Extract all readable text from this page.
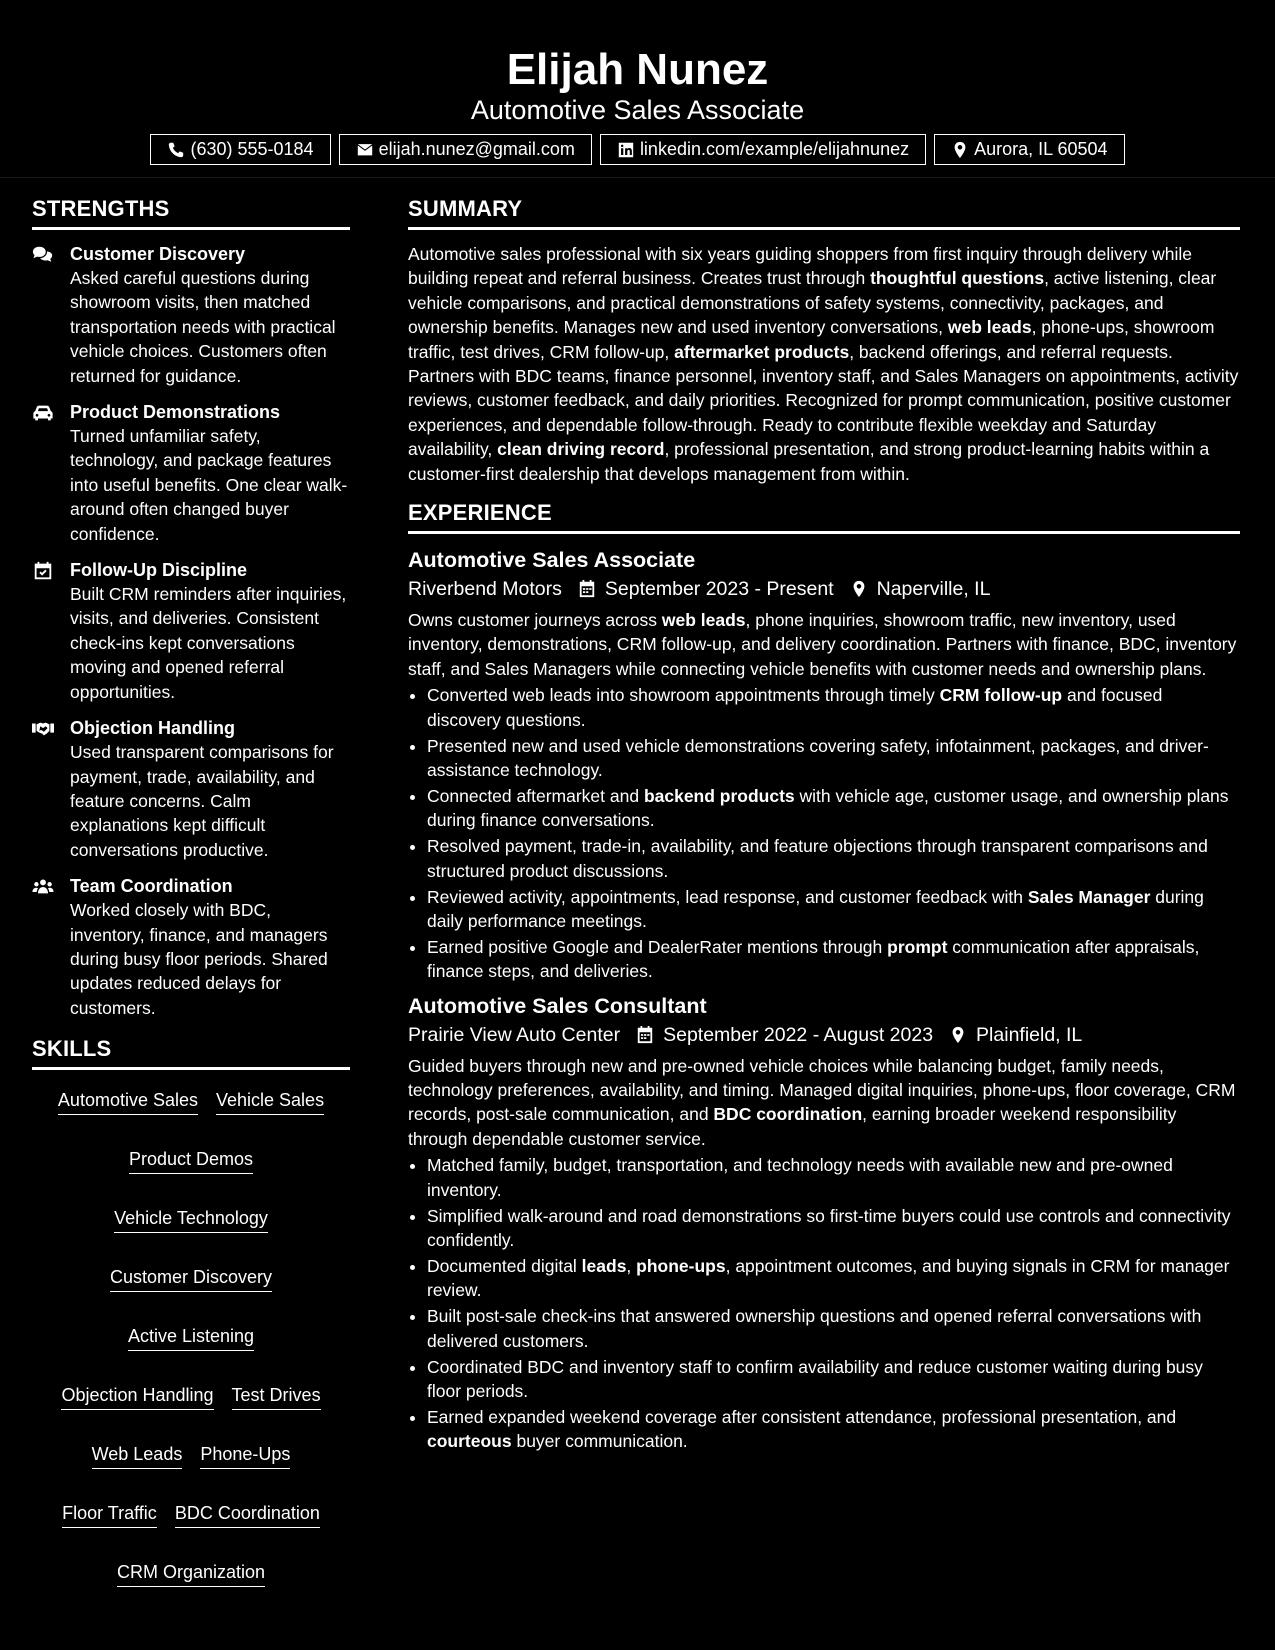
Elijah Nunez
Automotive Sales Associate
(630) 555-0184	elijah.nunez@gmail.com	linkedin.com/example/elijahnunez	Aurora, IL 60504
STRENGTHS
Customer Discovery
Asked careful questions during showroom visits, then matched transportation needs with practical vehicle choices. Customers often returned for guidance.
Product Demonstrations
Turned unfamiliar safety, technology, and package features into useful benefits. One clear walk-around often changed buyer confidence.
Follow-Up Discipline
Built CRM reminders after inquiries, visits, and deliveries. Consistent check-ins kept conversations moving and opened referral opportunities.
Objection Handling
Used transparent comparisons for payment, trade, availability, and feature concerns. Calm explanations kept difficult conversations productive.
Team Coordination
Worked closely with BDC, inventory, finance, and managers during busy floor periods. Shared updates reduced delays for customers.
SKILLS
Automotive Sales Vehicle Sales
Product Demos
Vehicle Technology
Customer Discovery
Active Listening
Objection Handling Test Drives
Web Leads Phone-Ups
Floor Traffic BDC Coordination
CRM Organization
SUMMARY
Automotive sales professional with six years guiding shoppers from first inquiry through delivery while building repeat and referral business. Creates trust through thoughtful questions, active listening, clear vehicle comparisons, and practical demonstrations of safety systems, connectivity, packages, and ownership benefits. Manages new and used inventory conversations, web leads, phone-ups, showroom traffic, test drives, CRM follow-up, aftermarket products, backend offerings, and referral requests. Partners with BDC teams, finance personnel, inventory staff, and Sales Managers on appointments, activity reviews, customer feedback, and daily priorities. Recognized for prompt communication, positive customer experiences, and dependable follow-through. Ready to contribute flexible weekday and Saturday availability, clean driving record, professional presentation, and strong product-learning habits within a customer-first dealership that develops management from within.
EXPERIENCE
Automotive Sales Associate
Riverbend Motors September 2023 - Present Naperville, IL
Owns customer journeys across web leads, phone inquiries, showroom traffic, new inventory, used inventory, demonstrations, CRM follow-up, and delivery coordination. Partners with finance, BDC, inventory staff, and Sales Managers while connecting vehicle benefits with customer needs and ownership plans.
• Converted web leads into showroom appointments through timely CRM follow-up and focused discovery questions.
• Presented new and used vehicle demonstrations covering safety, infotainment, packages, and driver-assistance technology.
• Connected aftermarket and backend products with vehicle age, customer usage, and ownership plans during finance conversations.
• Resolved payment, trade-in, availability, and feature objections through transparent comparisons and structured product discussions.
• Reviewed activity, appointments, lead response, and customer feedback with Sales Manager during daily performance meetings.
• Earned positive Google and DealerRater mentions through prompt communication after appraisals, finance steps, and deliveries.
Automotive Sales Consultant
Prairie View Auto Center September 2022 - August 2023 Plainfield, IL
Guided buyers through new and pre-owned vehicle choices while balancing budget, family needs, technology preferences, availability, and timing. Managed digital inquiries, phone-ups, floor coverage, CRM records, post-sale communication, and BDC coordination, earning broader weekend responsibility through dependable customer service.
• Matched family, budget, transportation, and technology needs with available new and pre-owned inventory.
• Simplified walk-around and road demonstrations so first-time buyers could use controls and connectivity confidently.
• Documented digital leads, phone-ups, appointment outcomes, and buying signals in CRM for manager review.
• Built post-sale check-ins that answered ownership questions and opened referral conversations with delivered customers.
• Coordinated BDC and inventory staff to confirm availability and reduce customer waiting during busy floor periods.
• Earned expanded weekend coverage after consistent attendance, professional presentation, and courteous buyer communication.
